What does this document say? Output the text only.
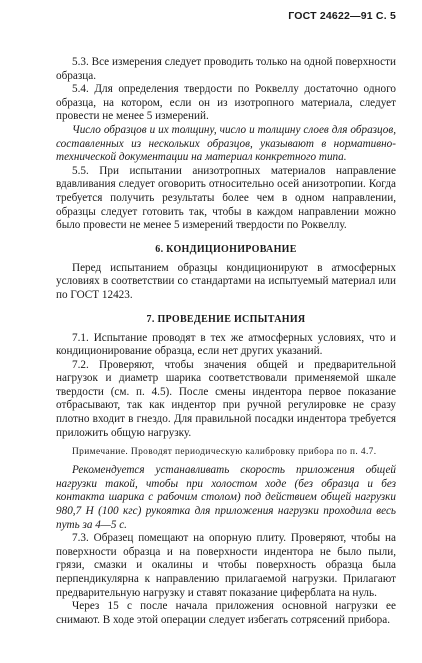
ГОСТ 24622—91 С. 5

5.3. Все измерения следует проводить только на одной поверхности образца.

5.4. Для определения твердости по Роквеллу достаточно одного образца, на котором, если он из изотропного материала, следует провести не менее 5 измерений.

Число образцов и их толщину, число и толщину слоев для образцов, составленных из нескольких образцов, указывают в нормативно-технической документации на материал конкретного типа.

5.5. При испытании анизотропных материалов направление вдавливания следует оговорить относительно осей анизотропии. Когда требуется получить результаты более чем в одном направлении, образцы следует готовить так, чтобы в каждом направлении можно было провести не менее 5 измерений твердости по Роквеллу.

6. КОНДИЦИОНИРОВАНИЕ

Перед испытанием образцы кондиционируют в атмосферных условиях в соответствии со стандартами на испытуемый материал или по ГОСТ 12423.

7. ПРОВЕДЕНИЕ ИСПЫТАНИЯ

7.1. Испытание проводят в тех же атмосферных условиях, что и кондиционирование образца, если нет других указаний.

7.2. Проверяют, чтобы значения общей и предварительной нагрузок и диаметр шарика соответствовали применяемой шкале твердости (см. п. 4.5). После смены индентора первое показание отбрасывают, так как индентор при ручной регулировке не сразу плотно входит в гнездо. Для правильной посадки индентора требуется приложить общую нагрузку.

Примечание. Проводят периодическую калибровку прибора по п. 4.7.

Рекомендуется устанавливать скорость приложения общей нагрузки такой, чтобы при холостом ходе (без образца и без контакта шарика с рабочим столом) под действием общей нагрузки 980,7 Н (100 кгс) рукоятка для приложения нагрузки проходила весь путь за 4—5 с.

7.3. Образец помещают на опорную плиту. Проверяют, чтобы на поверхности образца и на поверхности индентора не было пыли, грязи, смазки и окалины и чтобы поверхность образца была перпендикулярна к направлению прилагаемой нагрузки. Прилагают предварительную нагрузку и ставят показание циферблата на нуль.

Через 15 с после начала приложения основной нагрузки ее снимают. В ходе этой операции следует избегать сотрясений прибора.
